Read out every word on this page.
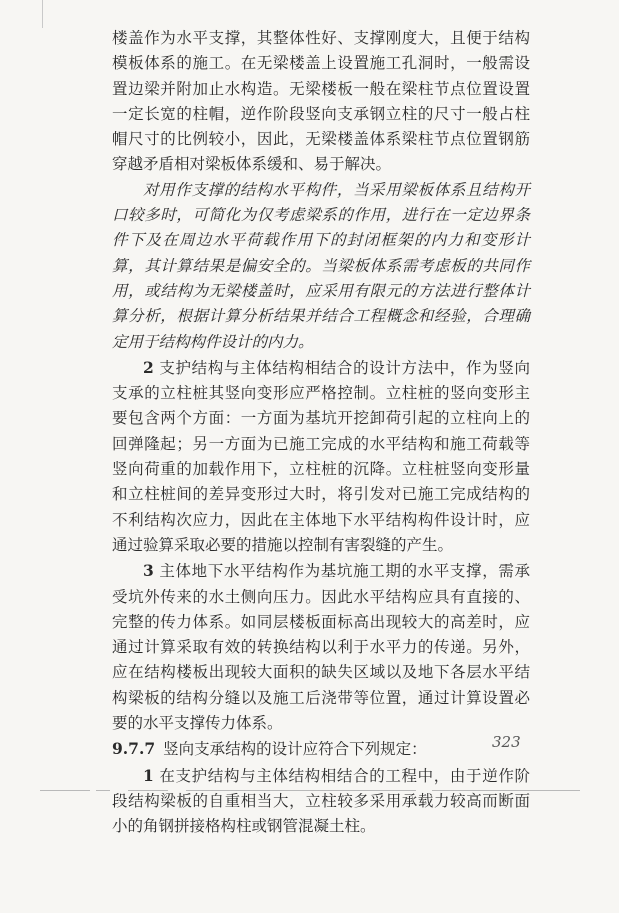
楼盖作为水平支撑，其整体性好、支撑刚度大，且便于结构模板体系的施工。在无梁楼盖上设置施工孔洞时，一般需设置边梁并附加止水构造。无梁楼板一般在梁柱节点位置设置一定长宽的柱帽，逆作阶段竖向支承钢立柱的尺寸一般占柱帽尺寸的比例较小，因此，无梁楼盖体系梁柱节点位置钢筋穿越矛盾相对梁板体系缓和、易于解决。

对用作支撑的结构水平构件，当采用梁板体系且结构开口较多时，可简化为仅考虑梁系的作用，进行在一定边界条件下及在周边水平荷载作用下的封闭框架的内力和变形计算，其计算结果是偏安全的。当梁板体系需考虑板的共同作用，或结构为无梁楼盖时，应采用有限元的方法进行整体计算分析，根据计算分析结果并结合工程概念和经验，合理确定用于结构构件设计的内力。

2 支护结构与主体结构相结合的设计方法中，作为竖向支承的立柱桩其竖向变形应严格控制。立柱桩的竖向变形主要包含两个方面：一方面为基坑开挖卸荷引起的立柱向上的回弹隆起；另一方面为已施工完成的水平结构和施工荷载等竖向荷重的加载作用下，立柱桩的沉降。立柱桩竖向变形量和立柱桩间的差异变形过大时，将引发对已施工完成结构的不利结构次应力，因此在主体地下水平结构构件设计时，应通过验算采取必要的措施以控制有害裂缝的产生。

3 主体地下水平结构作为基坑施工期的水平支撑，需承受坑外传来的水土侧向压力。因此水平结构应具有直接的、完整的传力体系。如同层楼板面标高出现较大的高差时，应通过计算采取有效的转换结构以利于水平力的传递。另外，应在结构楼板出现较大面积的缺失区域以及地下各层水平结构梁板的结构分缝以及施工后浇带等位置，通过计算设置必要的水平支撑传力体系。

9.7.7 竖向支承结构的设计应符合下列规定：

1 在支护结构与主体结构相结合的工程中，由于逆作阶段结构梁板的自重相当大，立柱较多采用承载力较高而断面小的角钢拼接格构柱或钢管混凝土柱。

323
